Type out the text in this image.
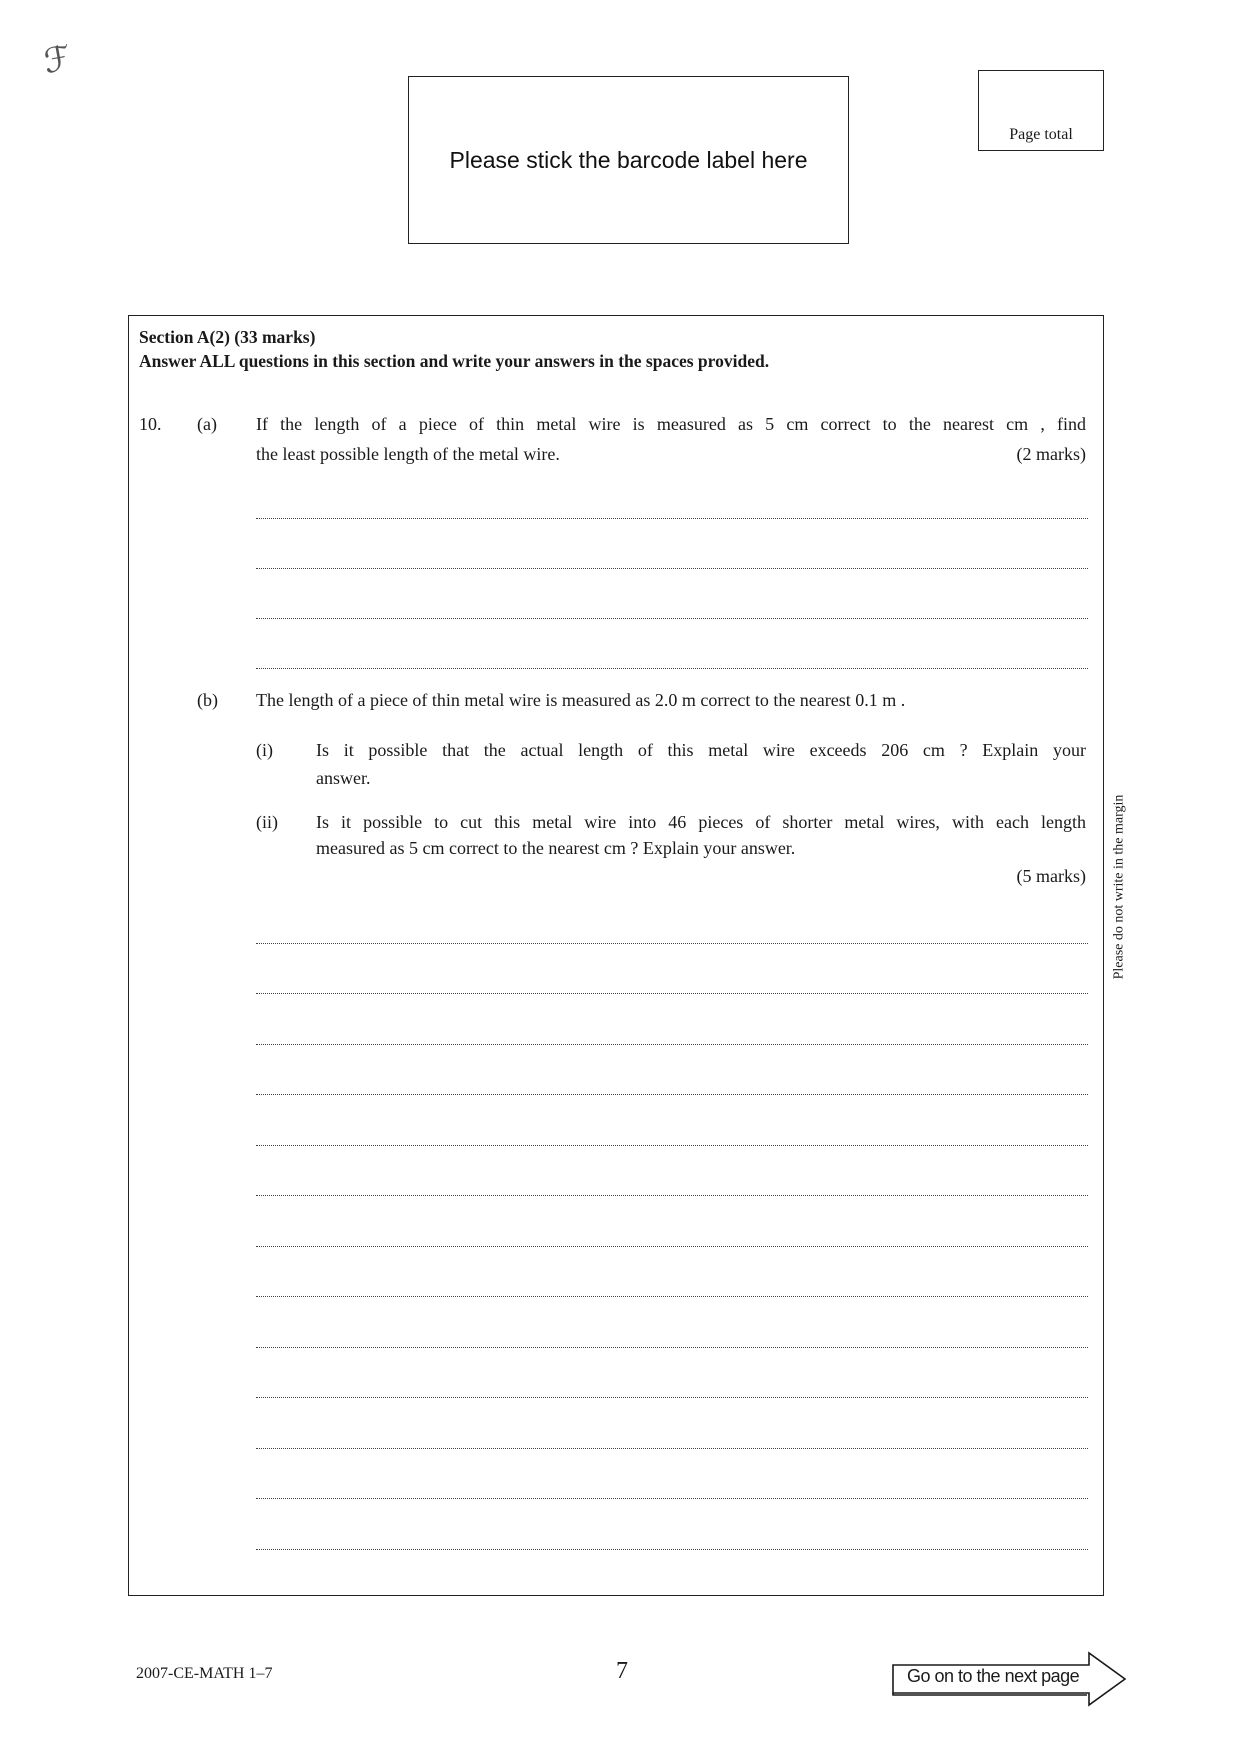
ℱ
Please stick the barcode label here
Page total
Section A(2) (33 marks)
Answer ALL questions in this section and write your answers in the spaces provided.
10. (a) If the length of a piece of thin metal wire is measured as 5 cm correct to the nearest cm , find
the least possible length of the metal wire.	(2 marks)
(b) The length of a piece of thin metal wire is measured as 2.0 m correct to the nearest 0.1 m .
(i) Is it possible that the actual length of this metal wire exceeds 206 cm ? Explain your
answer.
(ii) Is it possible to cut this metal wire into 46 pieces of shorter metal wires, with each length
measured as 5 cm correct to the nearest cm ? Explain your answer.
(5 marks) Please do not write in the margin
2007-CE-MATH 1–7	7	Go on to the next page
